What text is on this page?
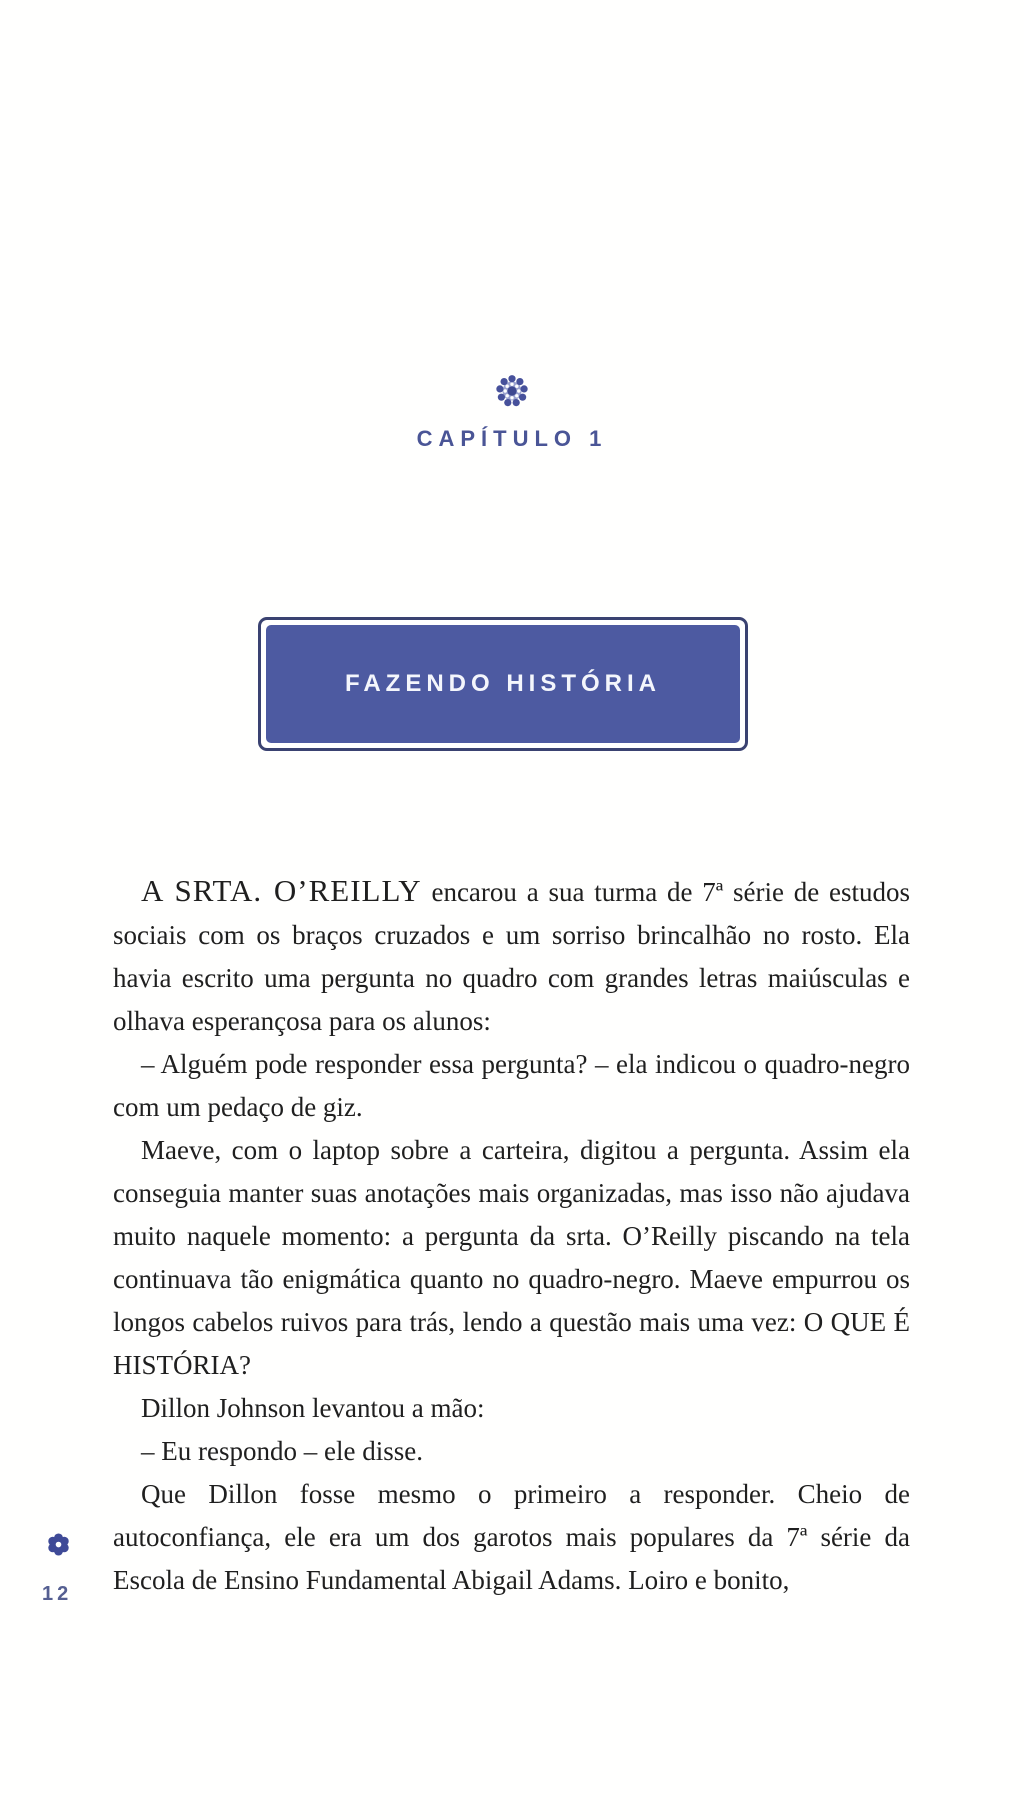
CAPÍTULO 1
FAZENDO HISTÓRIA

A SRTA. O’REILLY encarou a sua turma de 7ª série de estudos sociais com os braços cruzados e um sorriso brincalhão no rosto. Ela havia escrito uma pergunta no quadro com grandes letras maiúsculas e olhava esperançosa para os alunos:

– Alguém pode responder essa pergunta? – ela indicou o quadro-negro com um pedaço de giz.

Maeve, com o laptop sobre a carteira, digitou a pergunta. Assim ela conseguia manter suas anotações mais organizadas, mas isso não ajudava muito naquele momento: a pergunta da srta. O’Reilly piscando na tela continuava tão enigmática quanto no quadro-negro. Maeve empurrou os longos cabelos ruivos para trás, lendo a questão mais uma vez: O QUE É HISTÓRIA?

Dillon Johnson levantou a mão:

– Eu respondo – ele disse.

Que Dillon fosse mesmo o primeiro a responder. Cheio de autoconfiança, ele era um dos garotos mais populares da 7ª série da Escola de Ensino Fundamental Abigail Adams. Loiro e bonito,

12
